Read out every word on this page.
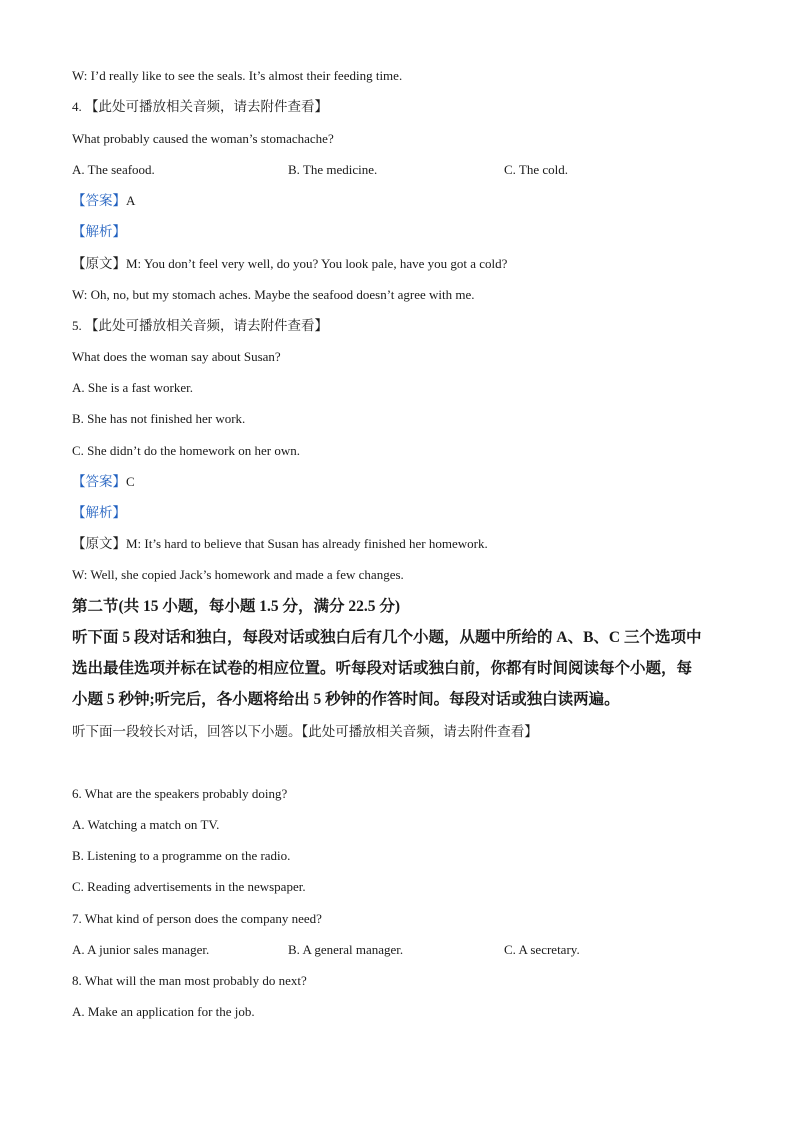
W: I’d really like to see the seals. It’s almost their feeding time.
4. 【此处可播放相关音频，请去附件查看】
What probably caused the woman’s stomachache?
A. The seafood.	B. The medicine.	C. The cold.
【答案】A
【解析】
【原文】M: You don’t feel very well, do you? You look pale, have you got a cold?
W: Oh, no, but my stomach aches. Maybe the seafood doesn’t agree with me.
5. 【此处可播放相关音频，请去附件查看】
What does the woman say about Susan?
A. She is a fast worker.
B. She has not finished her work.
C. She didn’t do the homework on her own.
【答案】C
【解析】
【原文】M: It’s hard to believe that Susan has already finished her homework.
W: Well, she copied Jack’s homework and made a few changes.
第二节(共 15 小题，每小题 1.5 分，满分 22.5 分)
听下面 5 段对话和独白，每段对话或独白后有几个小题，从题中所给的 A、B、C 三个选项中
选出最佳选项并标在试卷的相应位置。听每段对话或独白前，你都有时间阅读每个小题，每
小题 5 秒钟;听完后，各小题将给出 5 秒钟的作答时间。每段对话或独白读两遍。
听下面一段较长对话，回答以下小题。【此处可播放相关音频，请去附件查看】
6. What are the speakers probably doing?
A. Watching a match on TV.
B. Listening to a programme on the radio.
C. Reading advertisements in the newspaper.
7. What kind of person does the company need?
A. A junior sales manager.	B. A general manager.	C. A secretary.
8. What will the man most probably do next?
A. Make an application for the job.
